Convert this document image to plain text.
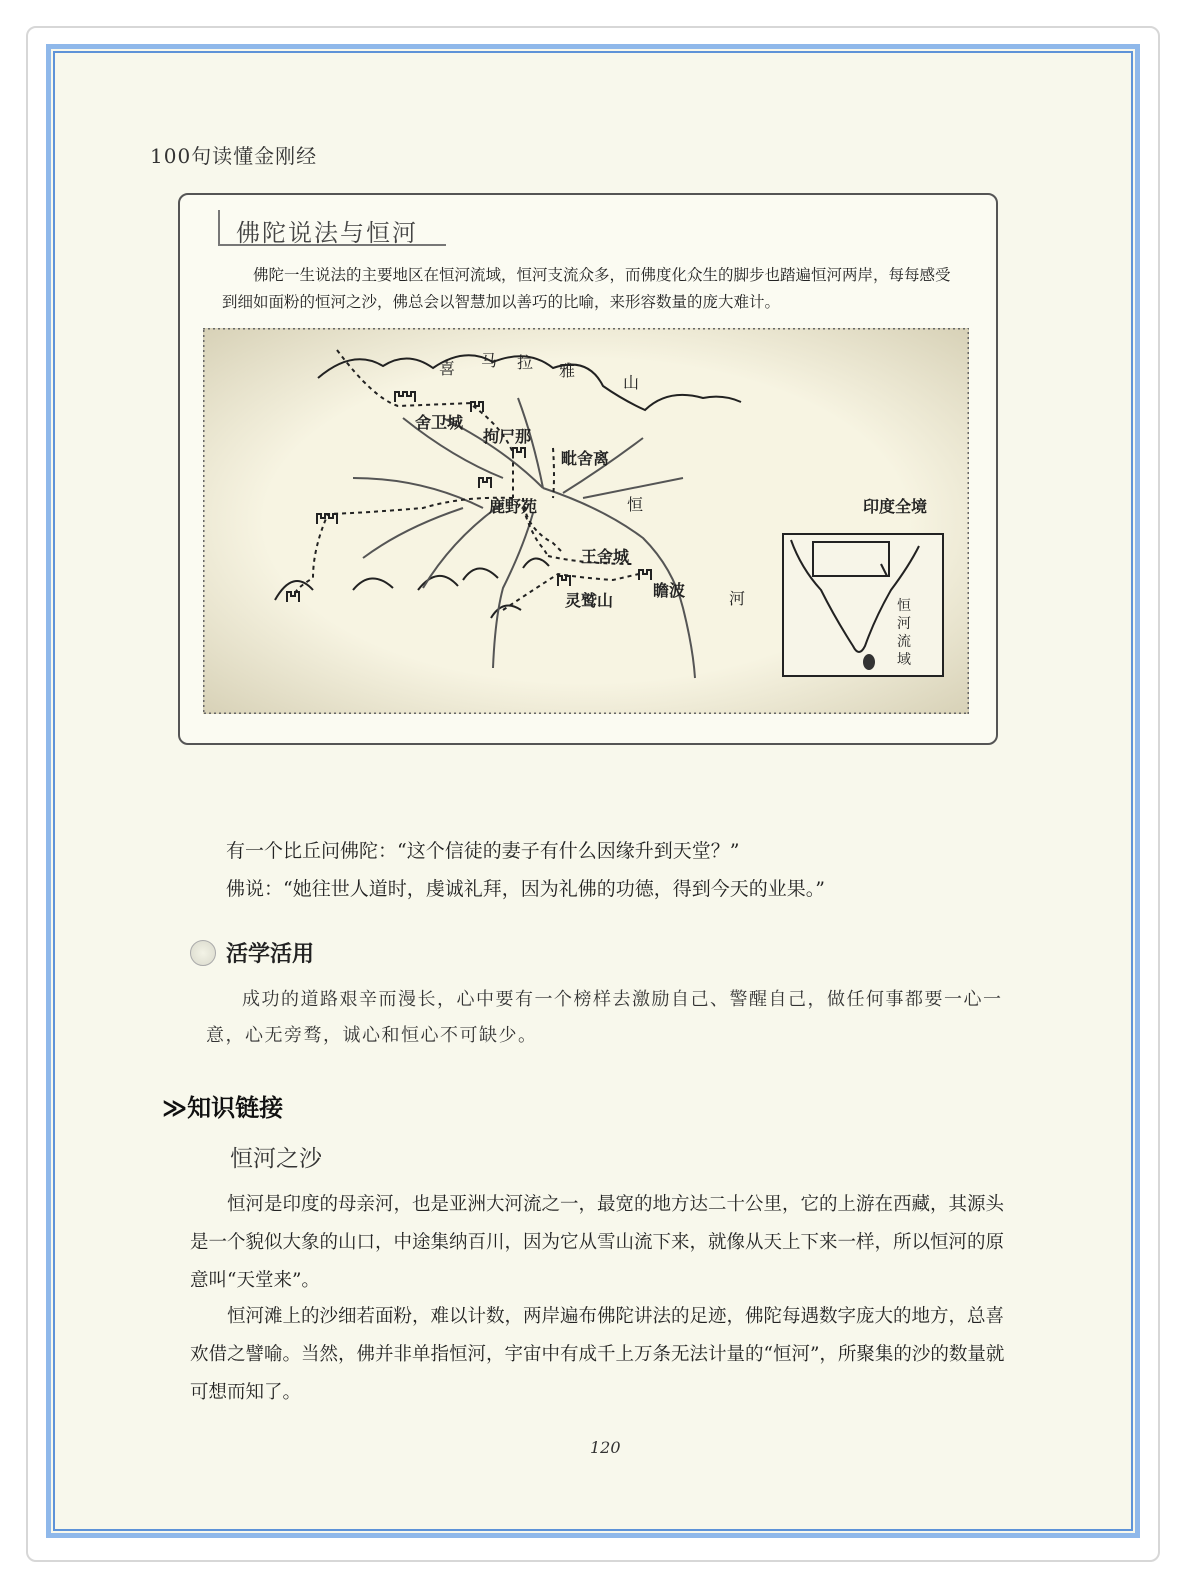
100句读懂金刚经
佛陀说法与恒河
佛陀一生说法的主要地区在恒河流域，恒河支流众多，而佛度化众生的脚步也踏遍恒河两岸，每每感受到细如面粉的恒河之沙，佛总会以智慧加以善巧的比喻，来形容数量的庞大难计。
喜 马 拉 雅
山
舍卫城
拘尸那
毗舍离
鹿野苑
王舍城
灵鹫山
瞻波
恒
河
印度全境
恒
河
流
域
有一个比丘问佛陀：“这个信徒的妻子有什么因缘升到天堂？”
佛说：“她往世人道时，虔诚礼拜，因为礼佛的功德，得到今天的业果。”
活学活用
成功的道路艰辛而漫长，心中要有一个榜样去激励自己、警醒自己，做任何事都要一心一意，心无旁骛，诚心和恒心不可缺少。
≫知识链接
恒河之沙
恒河是印度的母亲河，也是亚洲大河流之一，最宽的地方达二十公里，它的上游在西藏，其源头是一个貌似大象的山口，中途集纳百川，因为它从雪山流下来，就像从天上下来一样，所以恒河的原意叫“天堂来”。
恒河滩上的沙细若面粉，难以计数，两岸遍布佛陀讲法的足迹，佛陀每遇数字庞大的地方，总喜欢借之譬喻。当然，佛并非单指恒河，宇宙中有成千上万条无法计量的“恒河”，所聚集的沙的数量就可想而知了。
120
